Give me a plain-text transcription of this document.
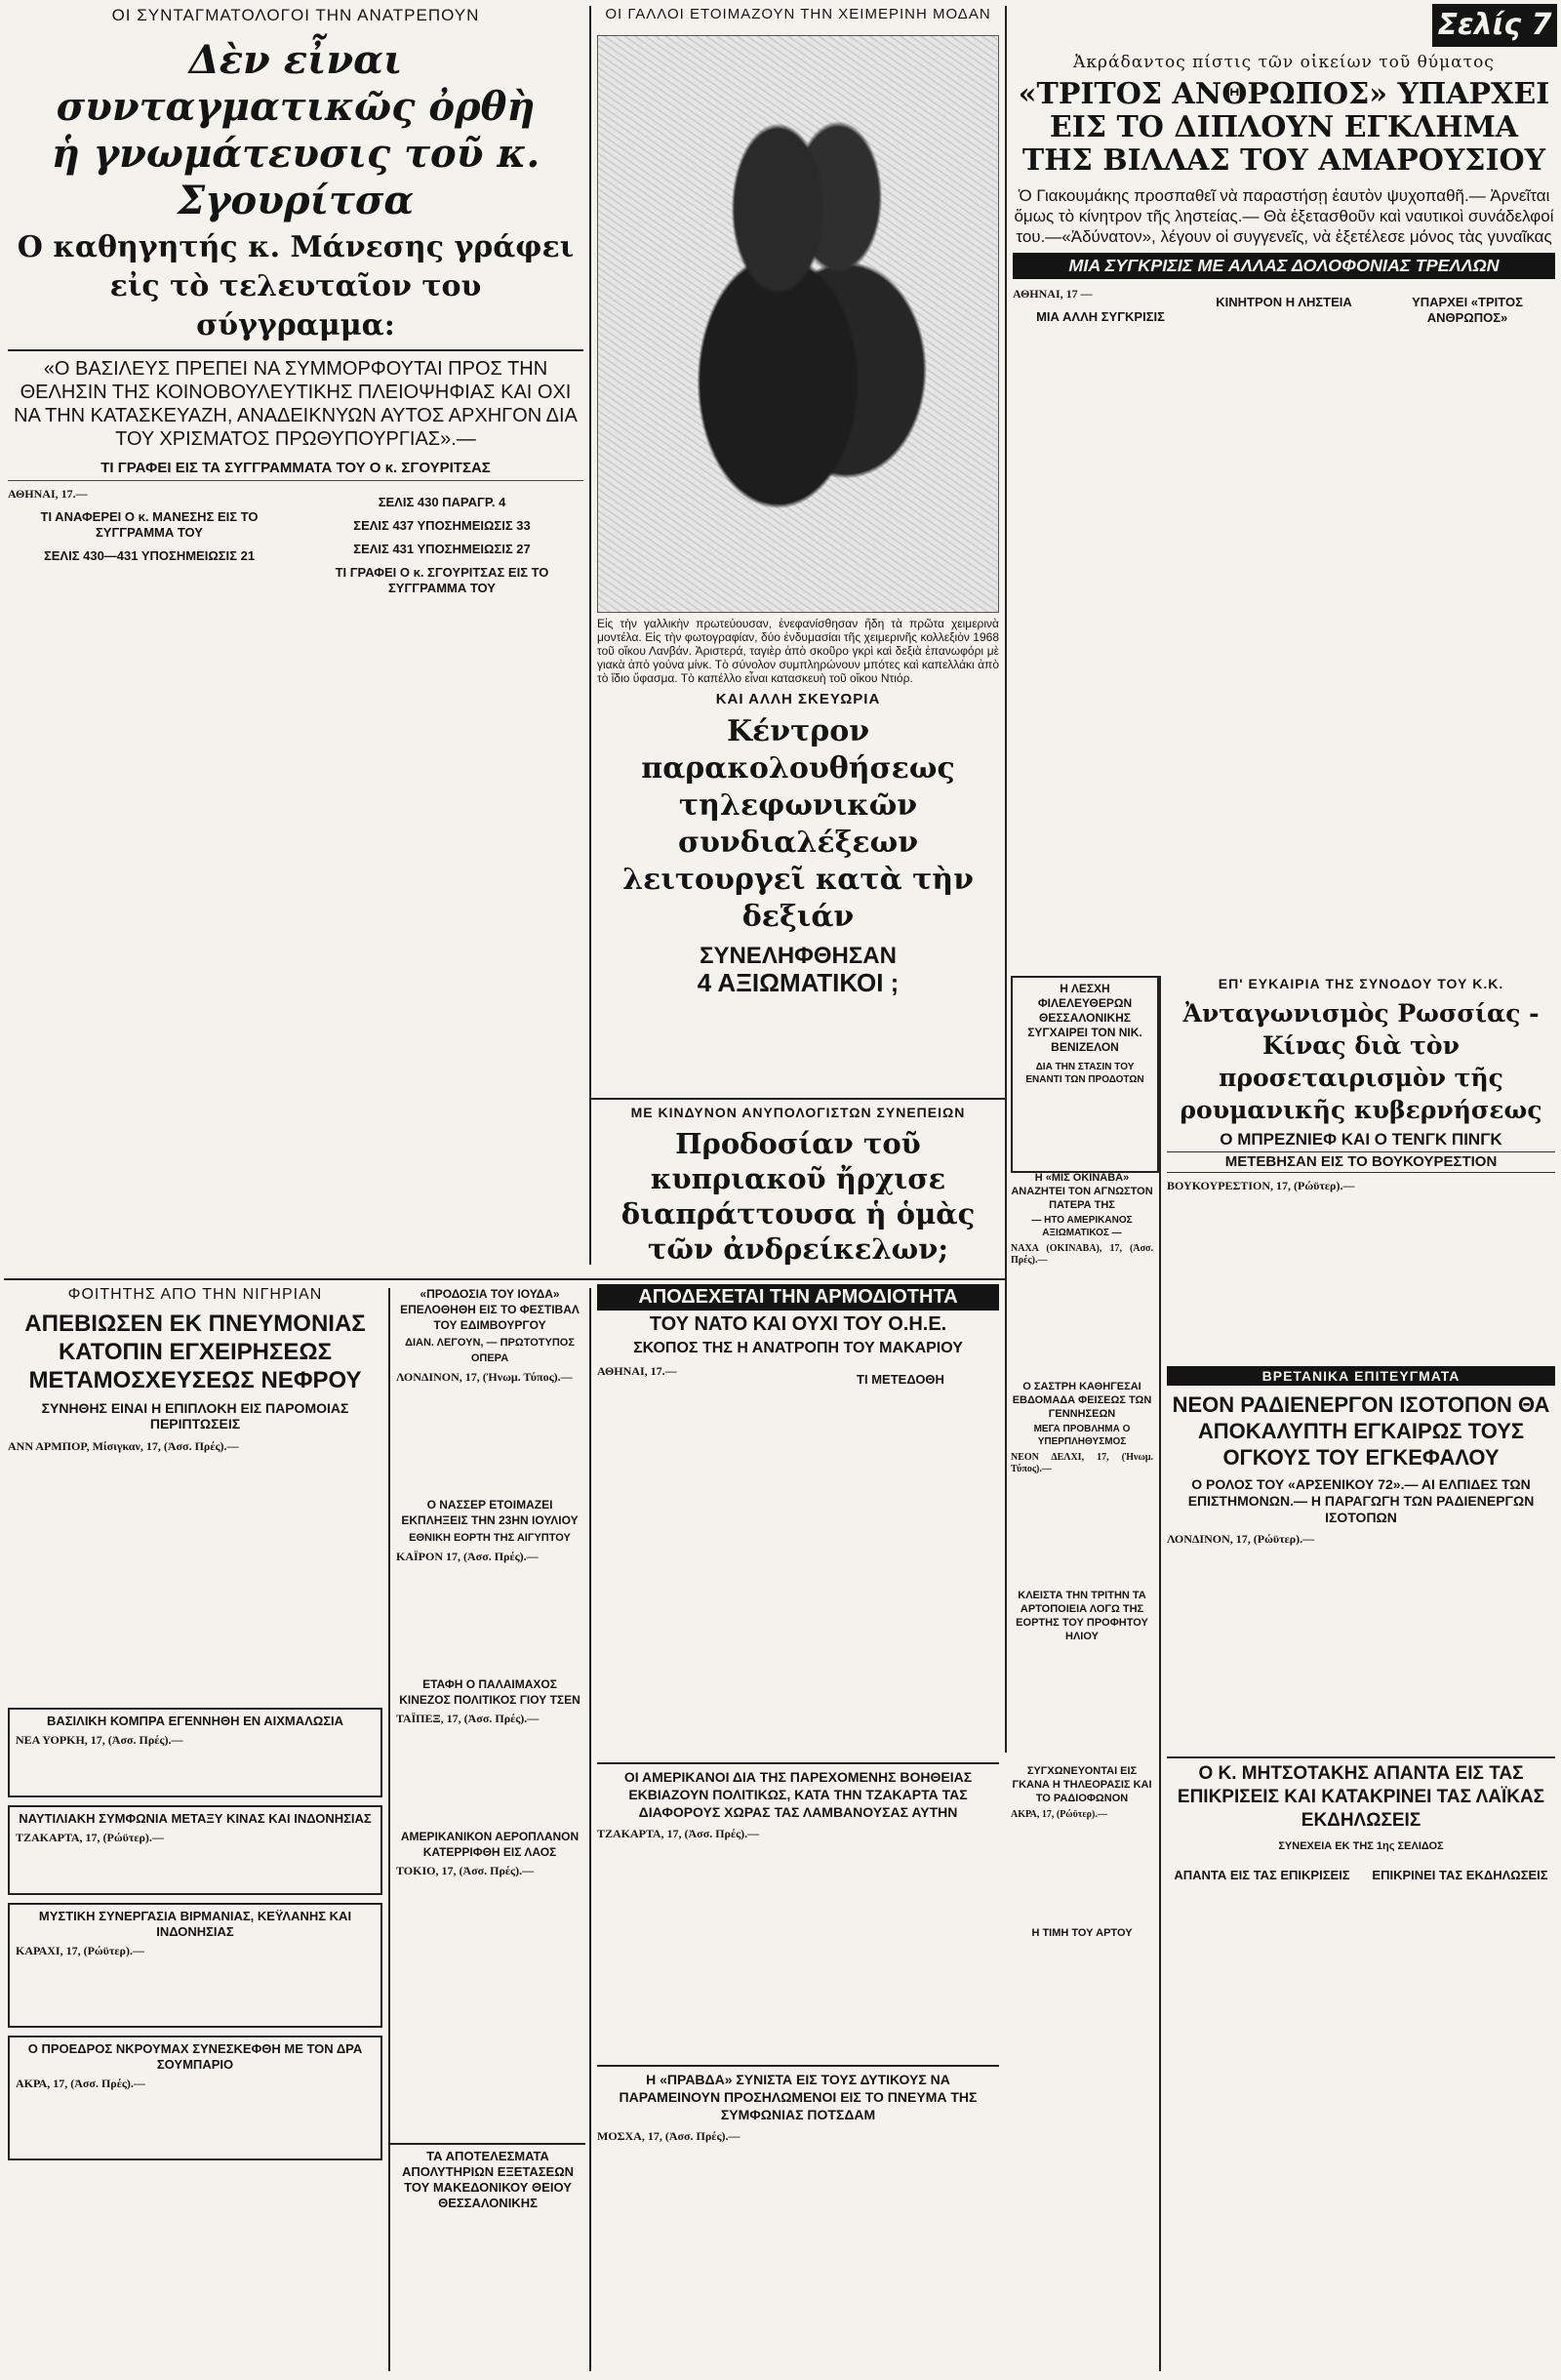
Σελίς 7
ΟΙ ΣΥΝΤΑΓΜΑΤΟΛΟΓΟΙ ΤΗΝ ΑΝΑΤΡΕΠΟΥΝ
Δὲν εἶναι συνταγματικῶς ὀρθὴ
ἡ γνωμάτευσις τοῦ κ. Σγουρίτσα
Ο καθηγητής κ. Μάνεσης γράφει
εἰς τὸ τελευταῖον του σύγγραμμα:
«Ο ΒΑΣΙΛΕΥΣ ΠΡΕΠΕΙ ΝΑ ΣΥΜΜΟΡΦΟΥΤΑΙ ΠΡΟΣ ΤΗΝ ΘΕΛΗΣΙΝ ΤΗΣ ΚΟΙΝΟΒΟΥΛΕΥΤΙΚΗΣ ΠΛΕΙΟΨΗΦΙΑΣ ΚΑΙ ΟΧΙ ΝΑ ΤΗΝ ΚΑΤΑΣΚΕΥΑΖΗ, ΑΝΑΔΕΙΚΝΥΩΝ ΑΥΤΟΣ ΑΡΧΗΓΟΝ ΔΙΑ ΤΟΥ ΧΡΙΣΜΑΤΟΣ ΠΡΩΘΥΠΟΥΡΓΙΑΣ».—
ΤΙ ΓΡΑΦΕΙ ΕΙΣ ΤΑ ΣΥΓΓΡΑΜΜΑΤΑ ΤΟΥ Ο κ. ΣΓΟΥΡΙΤΣΑΣ
ΑΘΗΝΑΙ, 17.—
ΤΙ ΑΝΑΦΕΡΕΙ Ο κ. ΜΑΝΕΣΗΣ ΕΙΣ ΤΟ ΣΥΓΓΡΑΜΜΑ ΤΟΥ
ΣΕΛΙΣ 430—431 ΥΠΟΣΗΜΕΙΩΣΙΣ 21
ΣΕΛΙΣ 430 ΠΑΡΑΓΡ. 4
ΣΕΛΙΣ 437 ΥΠΟΣΗΜΕΙΩΣΙΣ 33
ΣΕΛΙΣ 431 ΥΠΟΣΗΜΕΙΩΣΙΣ 27
ΤΙ ΓΡΑΦΕΙ Ο κ. ΣΓΟΥΡΙΤΣΑΣ ΕΙΣ ΤΟ ΣΥΓΓΡΑΜΜΑ ΤΟΥ
ΟΙ ΓΑΛΛΟΙ ΕΤΟΙΜΑΖΟΥΝ ΤΗΝ ΧΕΙΜΕΡΙΝΗ ΜΟΔΑΝ
Εἰς τὴν γαλλικὴν πρωτεύουσαν, ἐνεφανίσθησαν ἤδη τὰ πρῶτα χειμερινὰ μοντέλα. Εἰς τὴν φωτογραφίαν, δύο ἐνδυμασίαι τῆς χειμερινῆς κολλεξιὸν 1968 τοῦ οἴκου Λανβάν. Ἀριστερά, ταγιὲρ ἀπὸ σκοῦρο γκρὶ καὶ δεξιὰ ἐπανωφόρι μὲ γιακὰ ἀπὸ γούνα μίνκ. Τὸ σύνολον συμπληρώνουν μπότες καὶ καπελλάκι ἀπὸ τὸ ἴδιο ὕφασμα. Τὸ καπέλλο εἶναι κατασκευὴ τοῦ οἴκου Ντιόρ.
ΚΑΙ ΑΛΛΗ ΣΚΕΥΩΡΙΑ
Κέντρον παρακολουθήσεως τηλεφωνικῶν συνδιαλέξεων λειτουργεῖ κατὰ τὴν δεξιάν
ΣΥΝΕΛΗΦΘΗΣΑΝ
4 ΑΞΙΩΜΑΤΙΚΟΙ ;
ΜΕ ΚΙΝΔΥΝΟΝ ΑΝΥΠΟΛΟΓΙΣΤΩΝ ΣΥΝΕΠΕΙΩΝ
Προδοσίαν τοῦ κυπριακοῦ ἤρχισε διαπράττουσα ἡ ὁμὰς τῶν ἀνδρείκελων;
ΑΠΟΔΕΧΕΤΑΙ ΤΗΝ ΑΡΜΟΔΙΟΤΗΤΑ
ΤΟΥ ΝΑΤΟ ΚΑΙ ΟΥΧΙ ΤΟΥ Ο.Η.Ε.
ΣΚΟΠΟΣ ΤΗΣ Η ΑΝΑΤΡΟΠΗ ΤΟΥ ΜΑΚΑΡΙΟΥ
ΑΘΗΝΑΙ, 17.—
ΤΙ ΜΕΤΕΔΟΘΗ
Ἀκράδαντος πίστις τῶν οἰκείων τοῦ θύματος
«ΤΡΙΤΟΣ ΑΝΘΡΩΠΟΣ» ΥΠΑΡΧΕΙ
ΕΙΣ ΤΟ ΔΙΠΛΟΥΝ ΕΓΚΛΗΜΑ
ΤΗΣ ΒΙΛΛΑΣ ΤΟΥ ΑΜΑΡΟΥΣΙΟΥ
Ὁ Γιακουμάκης προσπαθεῖ νὰ παραστήσῃ ἑαυτὸν ψυχοπαθῆ.— Ἀρνεῖται ὅμως τὸ κίνητρον τῆς ληστείας.— Θὰ ἐξετασθοῦν καὶ ναυτικοὶ συνάδελφοί του.—«Ἀδύνατον», λέγουν οἱ συγγενεῖς, νὰ ἐξετέλεσε μόνος τὰς γυναῖκας
ΜΙΑ ΣΥΓΚΡΙΣΙΣ ΜΕ ΑΛΛΑΣ ΔΟΛΟΦΟΝΙΑΣ ΤΡΕΛΛΩΝ
ΑΘΗΝΑΙ, 17 —
ΜΙΑ ΑΛΛΗ ΣΥΓΚΡΙΣΙΣ
ΚΙΝΗΤΡΟΝ Η ΛΗΣΤΕΙΑ	ΥΠΑΡΧΕΙ «ΤΡΙΤΟΣ ΑΝΘΡΩΠΟΣ»
Η ΛΕΣΧΗ ΦΙΛΕΛΕΥΘΕΡΩΝ ΘΕΣΣΑΛΟΝΙΚΗΣ ΣΥΓΧΑΙΡΕΙ ΤΟΝ ΝΙΚ. ΒΕΝΙΖΕΛΟΝ
ΔΙΑ ΤΗΝ ΣΤΑΣΙΝ ΤΟΥ ΕΝΑΝΤΙ ΤΩΝ ΠΡΟΔΟΤΩΝ
ΕΠ' ΕΥΚΑΙΡΙΑ ΤΗΣ ΣΥΝΟΔΟΥ ΤΟΥ Κ.Κ.
Ἀνταγωνισμὸς Ρωσσίας - Κίνας διὰ τὸν προσεταιρισμὸν τῆς ρουμανικῆς κυβερνήσεως
Ο ΜΠΡΕΖΝΙΕΦ ΚΑΙ Ο ΤΕΝΓΚ ΠΙΝΓΚ
ΜΕΤΕΒΗΣΑΝ ΕΙΣ ΤΟ ΒΟΥΚΟΥΡΕΣΤΙΟΝ
ΒΟΥΚΟΥΡΕΣΤΙΟΝ, 17, (Ρώϋτερ).—
ΒΡΕΤΑΝΙΚΑ ΕΠΙΤΕΥΓΜΑΤΑ
ΝΕΟΝ ΡΑΔΙΕΝΕΡΓΟΝ ΙΣΟΤΟΠΟΝ ΘΑ ΑΠΟΚΑΛΥΠΤΗ ΕΓΚΑΙΡΩΣ ΤΟΥΣ ΟΓΚΟΥΣ ΤΟΥ ΕΓΚΕΦΑΛΟΥ
Ο ΡΟΛΟΣ ΤΟΥ «ΑΡΣΕΝΙΚΟΥ 72».— ΑΙ ΕΛΠΙΔΕΣ ΤΩΝ ΕΠΙΣΤΗΜΟΝΩΝ.— Η ΠΑΡΑΓΩΓΗ ΤΩΝ ΡΑΔΙΕΝΕΡΓΩΝ ΙΣΟΤΟΠΩΝ
ΛΟΝΔΙΝΟΝ, 17, (Ρώϋτερ).—
Ο Κ. ΜΗΤΣΟΤΑΚΗΣ ΑΠΑΝΤΑ ΕΙΣ ΤΑΣ ΕΠΙΚΡΙΣΕΙΣ ΚΑΙ ΚΑΤΑΚΡΙΝΕΙ ΤΑΣ ΛΑΪΚΑΣ ΕΚΔΗΛΩΣΕΙΣ
ΣΥΝΕΧΕΙΑ ΕΚ ΤΗΣ 1ης ΣΕΛΙΔΟΣ
ΑΠΑΝΤΑ ΕΙΣ ΤΑΣ ΕΠΙΚΡΙΣΕΙΣ	ΕΠΙΚΡΙΝΕΙ ΤΑΣ ΕΚΔΗΛΩΣΕΙΣ
ΦΟΙΤΗΤΗΣ ΑΠΟ ΤΗΝ ΝΙΓΗΡΙΑΝ
ΑΠΕΒΙΩΣΕΝ ΕΚ ΠΝΕΥΜΟΝΙΑΣ ΚΑΤΟΠΙΝ ΕΓΧΕΙΡΗΣΕΩΣ ΜΕΤΑΜΟΣΧΕΥΣΕΩΣ ΝΕΦΡΟΥ
ΣΥΝΗΘΗΣ ΕΙΝΑΙ Η ΕΠΙΠΛΟΚΗ ΕΙΣ ΠΑΡΟΜΟΙΑΣ ΠΕΡΙΠΤΩΣΕΙΣ
ΑΝΝ ΑΡΜΠΟΡ, Μίσιγκαν, 17, (Ἀσσ. Πρές).—
ΒΑΣΙΛΙΚΗ ΚΟΜΠΡΑ ΕΓΕΝΝΗΘΗ ΕΝ ΑΙΧΜΑΛΩΣΙΑ
ΝΕΑ ΥΟΡΚΗ, 17, (Ἀσσ. Πρές).—
ΝΑΥΤΙΛΙΑΚΗ ΣΥΜΦΩΝΙΑ ΜΕΤΑΞΥ ΚΙΝΑΣ ΚΑΙ ΙΝΔΟΝΗΣΙΑΣ
ΤΖΑΚΑΡΤΑ, 17, (Ρώϋτερ).—
ΜΥΣΤΙΚΗ ΣΥΝΕΡΓΑΣΙΑ ΒΙΡΜΑΝΙΑΣ, ΚΕΫΛΑΝΗΣ ΚΑΙ ΙΝΔΟΝΗΣΙΑΣ
ΚΑΡΑΧΙ, 17, (Ρώϋτερ).—
Ο ΠΡΟΕΔΡΟΣ ΝΚΡΟΥΜΑΧ ΣΥΝΕΣΚΕΦΘΗ ΜΕ ΤΟΝ ΔΡΑ ΣΟΥΜΠΑΡΙΟ
ΑΚΡΑ, 17, (Ἀσσ. Πρές).—
ΤΑ ΑΠΟΤΕΛΕΣΜΑΤΑ ΑΠΟΛΥΤΗΡΙΩΝ ΕΞΕΤΑΣΕΩΝ ΤΟΥ ΜΑΚΕΔΟΝΙΚΟΥ ΘΕΙΟΥ ΘΕΣΣΑΛΟΝΙΚΗΣ
«ΠΡΟΔΟΣΙΑ ΤΟΥ ΙΟΥΔΑ» ΕΠΕΛΟΘΗΘΗ ΕΙΣ ΤΟ ΦΕΣΤΙΒΑΛ ΤΟΥ ΕΔΙΜΒΟΥΡΓΟΥ
ΔΙΑΝ. ΛΕΓΟΥΝ, — ΠΡΩΤΟΤΥΠΟΣ ΟΠΕΡΑ
ΛΟΝΔΙΝΟΝ, 17, (Ἠνωμ. Τύπος).—
Ο ΝΑΣΣΕΡ ΕΤΟΙΜΑΖΕΙ ΕΚΠΛΗΞΕΙΣ ΤΗΝ 23ΗΝ ΙΟΥΛΙΟΥ
ΕΘΝΙΚΗ ΕΟΡΤΗ ΤΗΣ ΑΙΓΥΠΤΟΥ
ΚΑΪΡΟΝ 17, (Ἀσσ. Πρές).—
ΕΤΑΦΗ Ο ΠΑΛΑΙΜΑΧΟΣ ΚΙΝΕΖΟΣ ΠΟΛΙΤΙΚΟΣ ΓΙΟΥ ΤΣΕΝ
ΤΑΪΠΕΞ, 17, (Ἀσσ. Πρές).—
ΑΜΕΡΙΚΑΝΙΚΟΝ ΑΕΡΟΠΛΑΝΟΝ ΚΑΤΕΡΡΙΦΘΗ ΕΙΣ ΛΑΟΣ
ΤΟΚΙΟ, 17, (Ἀσσ. Πρές).—
ΟΙ ΑΜΕΡΙΚΑΝΟΙ ΔΙΑ ΤΗΣ ΠΑΡΕΧΟΜΕΝΗΣ ΒΟΗΘΕΙΑΣ ΕΚΒΙΑΖΟΥΝ ΠΟΛΙΤΙΚΩΣ, ΚΑΤΑ ΤΗΝ ΤΖΑΚΑΡΤΑ ΤΑΣ ΔΙΑΦΟΡΟΥΣ ΧΩΡΑΣ ΤΑΣ ΛΑΜΒΑΝΟΥΣΑΣ ΑΥΤΗΝ
ΤΖΑΚΑΡΤΑ, 17, (Ἀσσ. Πρές).—
Η «ΠΡΑΒΔΑ» ΣΥΝΙΣΤΑ ΕΙΣ ΤΟΥΣ ΔΥΤΙΚΟΥΣ ΝΑ ΠΑΡΑΜΕΙΝΟΥΝ ΠΡΟΣΗΛΩΜΕΝΟΙ ΕΙΣ ΤΟ ΠΝΕΥΜΑ ΤΗΣ ΣΥΜΦΩΝΙΑΣ ΠΟΤΣΔΑΜ
ΜΟΣΧΑ, 17, (Ἀσσ. Πρές).—
Η «ΜΙΣ ΟΚΙΝΑΒΑ» ΑΝΑΖΗΤΕΙ ΤΟΝ ΑΓΝΩΣΤΟΝ ΠΑΤΕΡΑ ΤΗΣ
— ΗΤΟ ΑΜΕΡΙΚΑΝΟΣ ΑΞΙΩΜΑΤΙΚΟΣ —
ΝΑΧΑ (ΟΚΙΝΑΒΑ), 17, (Ἀσσ. Πρές).—
Ο ΣΑΣΤΡΗ ΚΑΘΗΓΕΣΑΙ ΕΒΔΟΜΑΔΑ ΦΕΙΣΕΩΣ ΤΩΝ ΓΕΝΝΗΣΕΩΝ
ΜΕΓΑ ΠΡΟΒΛΗΜΑ Ο ΥΠΕΡΠΛΗΘΥΣΜΟΣ
ΝΕΟΝ ΔΕΛΧΙ, 17, (Ἠνωμ. Τύπος).—
ΚΛΕΙΣΤΑ ΤΗΝ ΤΡΙΤΗΝ ΤΑ ΑΡΤΟΠΟΙΕΙΑ ΛΟΓΩ ΤΗΣ ΕΟΡΤΗΣ ΤΟΥ ΠΡΟΦΗΤΟΥ ΗΛΙΟΥ
ΣΥΓΧΩΝΕΥΟΝΤΑΙ ΕΙΣ ΓΚΑΝΑ Η ΤΗΛΕΟΡΑΣΙΣ ΚΑΙ ΤΟ ΡΑΔΙΟΦΩΝΟΝ
ΑΚΡΑ, 17, (Ρώϋτερ).—
Η ΤΙΜΗ ΤΟΥ ΑΡΤΟΥ
